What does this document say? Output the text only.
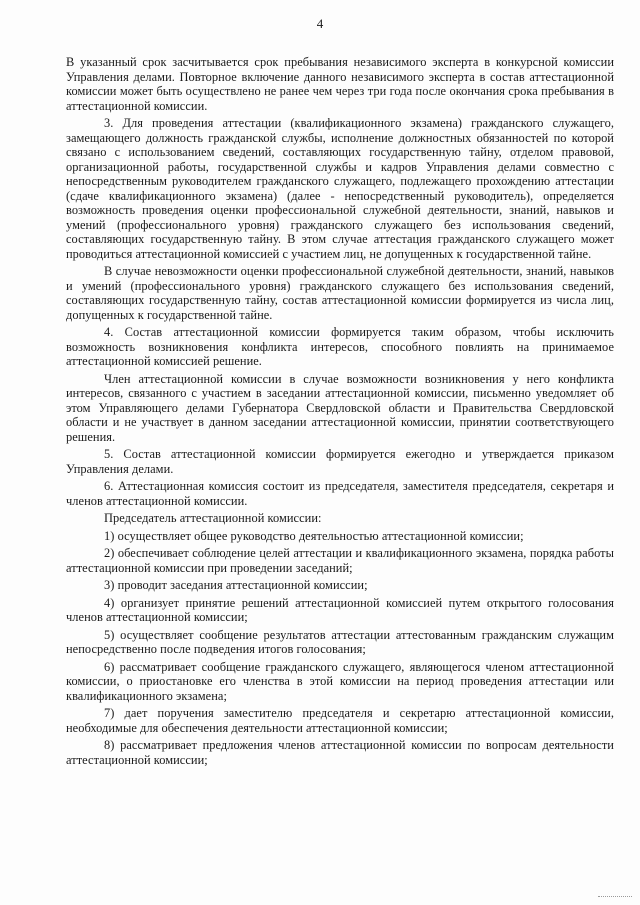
4

В указанный срок засчитывается срок пребывания независимого эксперта в конкурсной комиссии Управления делами. Повторное включение данного независимого эксперта в состав аттестационной комиссии может быть осуществлено не ранее чем через три года после окончания срока пребывания в аттестационной комиссии.

3. Для проведения аттестации (квалификационного экзамена) гражданского служащего, замещающего должность гражданской службы, исполнение должностных обязанностей по которой связано с использованием сведений, составляющих государственную тайну, отделом правовой, организационной работы, государственной службы и кадров Управления делами совместно с непосредственным руководителем гражданского служащего, подлежащего прохождению аттестации (сдаче квалификационного экзамена) (далее - непосредственный руководитель), определяется возможность проведения оценки профессиональной служебной деятельности, знаний, навыков и умений (профессионального уровня) гражданского служащего без использования сведений, составляющих государственную тайну. В этом случае аттестация гражданского служащего может проводиться аттестационной комиссией с участием лиц, не допущенных к государственной тайне.

В случае невозможности оценки профессиональной служебной деятельности, знаний, навыков и умений (профессионального уровня) гражданского служащего без использования сведений, составляющих государственную тайну, состав аттестационной комиссии формируется из числа лиц, допущенных к государственной тайне.

4. Состав аттестационной комиссии формируется таким образом, чтобы исключить возможность возникновения конфликта интересов, способного повлиять на принимаемое аттестационной комиссией решение.

Член аттестационной комиссии в случае возможности возникновения у него конфликта интересов, связанного с участием в заседании аттестационной комиссии, письменно уведомляет об этом Управляющего делами Губернатора Свердловской области и Правительства Свердловской области и не участвует в данном заседании аттестационной комиссии, принятии соответствующего решения.

5. Состав аттестационной комиссии формируется ежегодно и утверждается приказом Управления делами.

6. Аттестационная комиссия состоит из председателя, заместителя председателя, секретаря и членов аттестационной комиссии.

Председатель аттестационной комиссии:

1) осуществляет общее руководство деятельностью аттестационной комиссии;

2) обеспечивает соблюдение целей аттестации и квалификационного экзамена, порядка работы аттестационной комиссии при проведении заседаний;

3) проводит заседания аттестационной комиссии;

4) организует принятие решений аттестационной комиссией путем открытого голосования членов аттестационной комиссии;

5) осуществляет сообщение результатов аттестации аттестованным гражданским служащим непосредственно после подведения итогов голосования;

6) рассматривает сообщение гражданского служащего, являющегося членом аттестационной комиссии, о приостановке его членства в этой комиссии на период проведения аттестации или квалификационного экзамена;

7) дает поручения заместителю председателя и секретарю аттестационной комиссии, необходимые для обеспечения деятельности аттестационной комиссии;

8) рассматривает предложения членов аттестационной комиссии по вопросам деятельности аттестационной комиссии;
